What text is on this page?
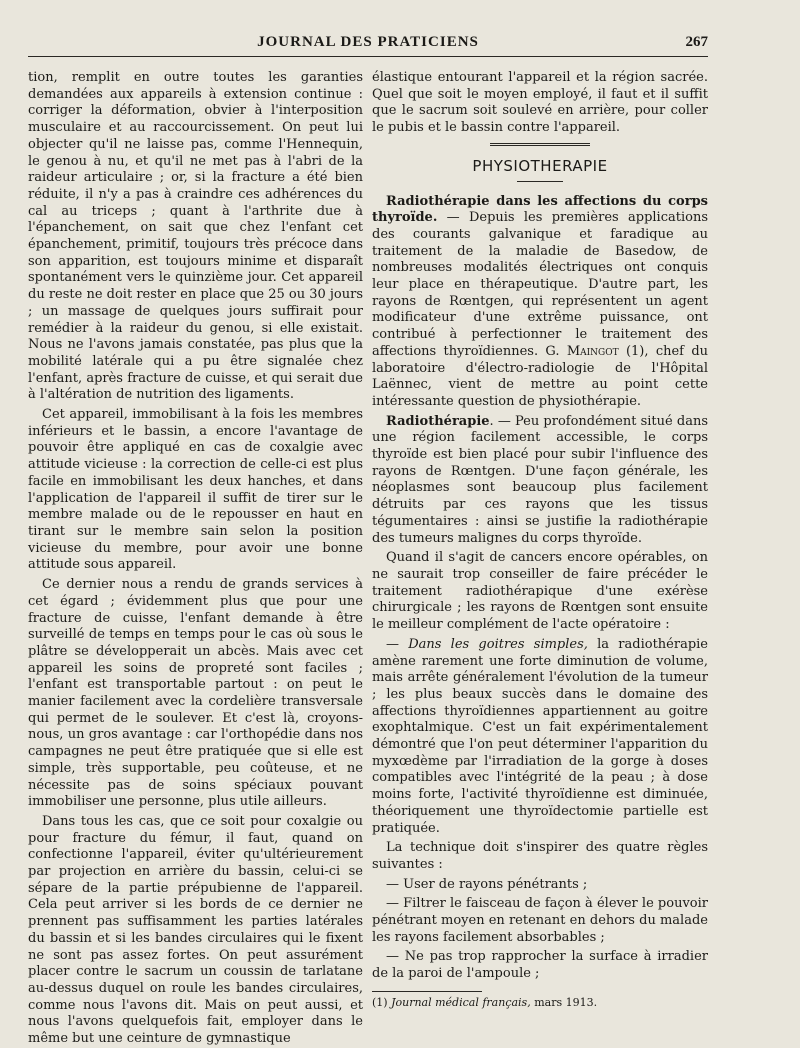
JOURNAL DES PRATICIENS	267

tion, remplit en outre toutes les garanties demandées aux appareils à extension continue : corriger la déformation, obvier à l'interposition musculaire et au raccourcissement. On peut lui objecter qu'il ne laisse pas, comme l'Hennequin, le genou à nu, et qu'il ne met pas à l'abri de la raideur articulaire ; or, si la fracture a été bien réduite, il n'y a pas à craindre ces adhérences du cal au triceps ; quant à l'arthrite due à l'épanchement, on sait que chez l'enfant cet épanchement, primitif, toujours très précoce dans son apparition, est toujours minime et disparaît spontanément vers le quinzième jour. Cet appareil du reste ne doit rester en place que 25 ou 30 jours ; un massage de quelques jours suffirait pour remédier à la raideur du genou, si elle existait. Nous ne l'avons jamais constatée, pas plus que la mobilité latérale qui a pu être signalée chez l'enfant, après fracture de cuisse, et qui serait due à l'altération de nutrition des ligaments.

Cet appareil, immobilisant à la fois les membres inférieurs et le bassin, a encore l'avantage de pouvoir être appliqué en cas de coxalgie avec attitude vicieuse : la correction de celle-ci est plus facile en immobilisant les deux hanches, et dans l'application de l'appareil il suffit de tirer sur le membre malade ou de le repousser en haut en tirant sur le membre sain selon la position vicieuse du membre, pour avoir une bonne attitude sous appareil.

Ce dernier nous a rendu de grands services à cet égard ; évidemment plus que pour une fracture de cuisse, l'enfant demande à être surveillé de temps en temps pour le cas où sous le plâtre se développerait un abcès. Mais avec cet appareil les soins de propreté sont faciles ; l'enfant est transportable partout : on peut le manier facilement avec la cordelière transversale qui permet de le soulever. Et c'est là, croyons-nous, un gros avantage : car l'orthopédie dans nos campagnes ne peut être pratiquée que si elle est simple, très supportable, peu coûteuse, et ne nécessite pas de soins spéciaux pouvant immobiliser une personne, plus utile ailleurs.

Dans tous les cas, que ce soit pour coxalgie ou pour fracture du fémur, il faut, quand on confectionne l'appareil, éviter qu'ultérieurement par projection en arrière du bassin, celui-ci se sépare de la partie prépubienne de l'appareil. Cela peut arriver si les bords de ce dernier ne prennent pas suffisamment les parties latérales du bassin et si les bandes circulaires qui le fixent ne sont pas assez fortes. On peut assurément placer contre le sacrum un coussin de tarlatane au-dessus duquel on roule les bandes circulaires, comme nous l'avons dit. Mais on peut aussi, et nous l'avons quelquefois fait, employer dans le même but une ceinture de gymnastique

élastique entourant l'appareil et la région sacrée. Quel que soit le moyen employé, il faut et il suffit que le sacrum soit soulevé en arrière, pour coller le pubis et le bassin contre l'appareil.

PHYSIOTHERAPIE

Radiothérapie dans les affections du corps thyroïde. — Depuis les premières applications des courants galvanique et faradique au traitement de la maladie de Basedow, de nombreuses modalités électriques ont conquis leur place en thérapeutique. D'autre part, les rayons de Rœntgen, qui représentent un agent modificateur d'une extrême puissance, ont contribué à perfectionner le traitement des affections thyroïdiennes. G. Maingot (1), chef du laboratoire d'électro-radiologie de l'Hôpital Laënnec, vient de mettre au point cette intéressante question de physiothérapie.

Radiothérapie. — Peu profondément situé dans une région facilement accessible, le corps thyroïde est bien placé pour subir l'influence des rayons de Rœntgen. D'une façon générale, les néoplasmes sont beaucoup plus facilement détruits par ces rayons que les tissus tégumentaires : ainsi se justifie la radiothérapie des tumeurs malignes du corps thyroïde.

Quand il s'agit de cancers encore opérables, on ne saurait trop conseiller de faire précéder le traitement radiothérapique d'une exérèse chirurgicale ; les rayons de Rœntgen sont ensuite le meilleur complément de l'acte opératoire :

— Dans les goitres simples, la radiothérapie amène rarement une forte diminution de volume, mais arrête généralement l'évolution de la tumeur ; les plus beaux succès dans le domaine des affections thyroïdiennes appartiennent au goitre exophtalmique. C'est un fait expérimentalement démontré que l'on peut déterminer l'apparition du myxœdème par l'irradiation de la gorge à doses compatibles avec l'intégrité de la peau ; à dose moins forte, l'activité thyroïdienne est diminuée, théoriquement une thyroïdectomie partielle est pratiquée.

La technique doit s'inspirer des quatre règles suivantes :

— User de rayons pénétrants ;

— Filtrer le faisceau de façon à élever le pouvoir pénétrant moyen en retenant en dehors du malade les rayons facilement absorbables ;

— Ne pas trop rapprocher la surface à irradier de la paroi de l'ampoule ;

(1) Journal médical français, mars 1913.
